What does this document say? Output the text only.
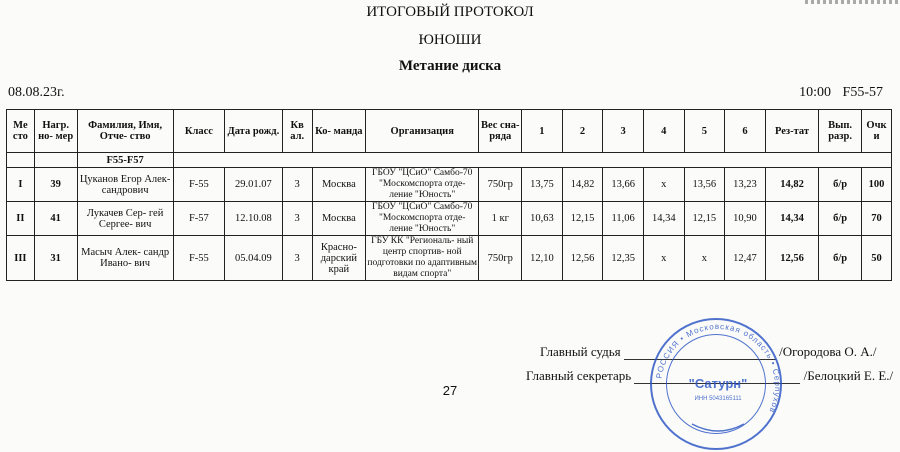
ИТОГОВЫЙ ПРОТОКОЛ
ЮНОШИ
Метание диска
08.08.23г.	10:00 F55-57
Ме сто	Нагр. но- мер	Фамилия, Имя, Отче- ство	Класс	Дата рожд.	Кв ал.	Ко- манда	Организация	Вес сна- ряда	1	2	3	4	5	6	Рез-тат	Вып. разр.	Очк и
		F55-F57															
I	39	Цуканов Егор Алек- сандрович	F-55	29.01.07	3	Москва	ГБОУ "ЦСиО" Самбо-70 "Москомспорта отде- ление "Юность"	750гр	13,75	14,82	13,66	x	13,56	13,23	14,82	б/р	100
II	41	Лукачев Сер- гей Сергее- вич	F-57	12.10.08	3	Москва	ГБОУ "ЦСиО" Самбо-70 "Москомспорта отде- ление "Юность"	1 кг	10,63	12,15	11,06	14,34	12,15	10,90	14,34	б/р	70
III	31	Масыч Алек- сандр Ивано- вич	F-55	05.04.09	3	Красно- дарский край	ГБУ КК "Региональ- ный центр спортив- ной подготовки по адаптивным видам спорта"	750гр	12,10	12,56	12,35	x	x	12,47	12,56	б/р	50
Главный судья	/Огородова О. А./
Главный секретарь	/Белоцкий Е. Е./
27
РОССИЯ • Московская область • Серпухов
"Сатурн"
ИНН 5043165111
